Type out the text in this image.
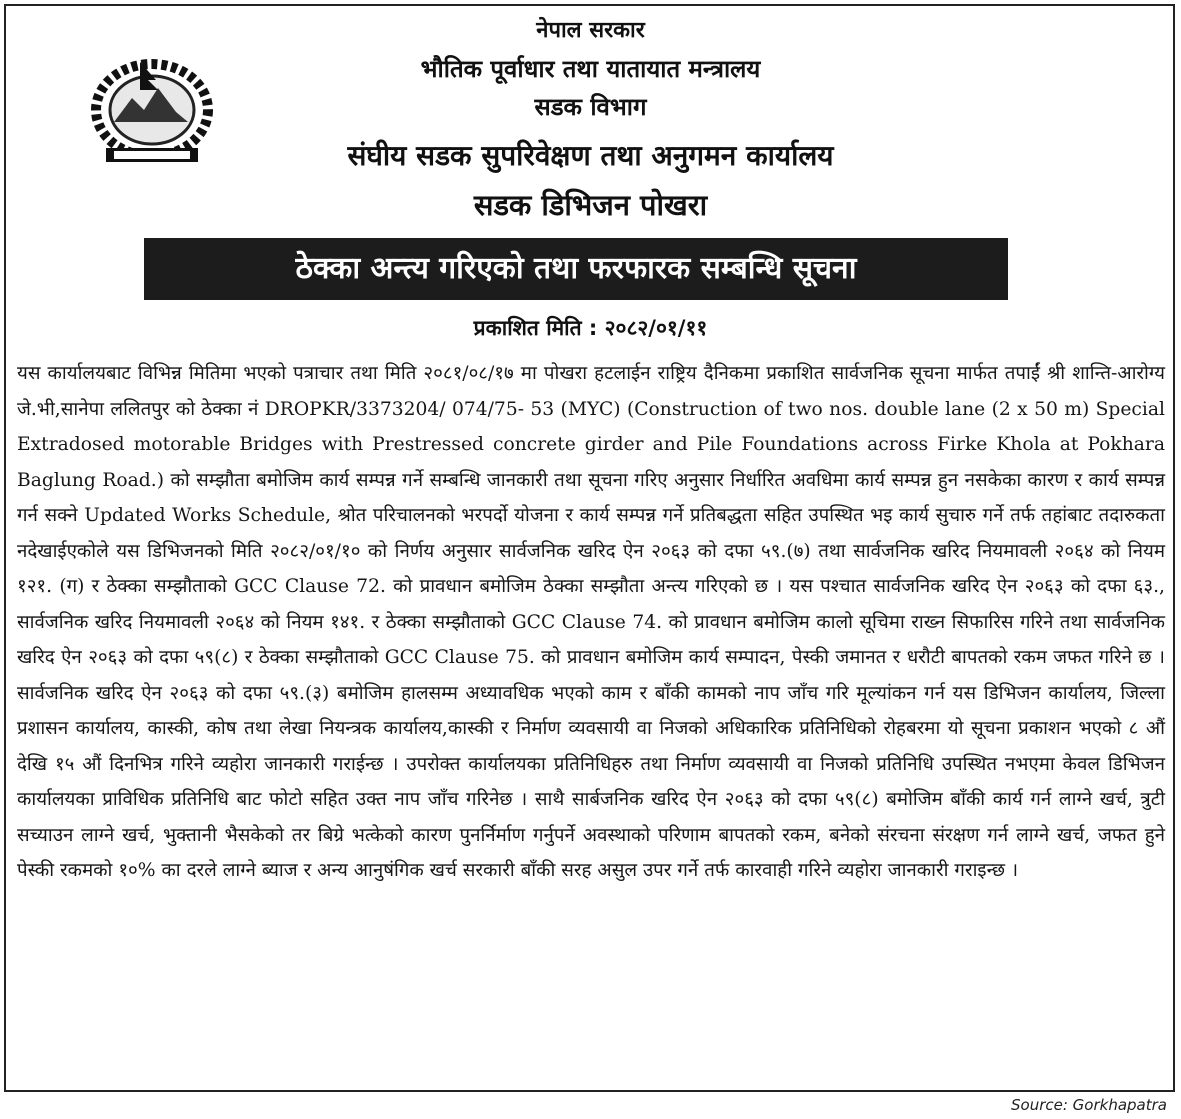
नेपाल सरकार
भौतिक पूर्वाधार तथा यातायात मन्त्रालय
सडक विभाग
संघीय सडक सुपरिवेक्षण तथा अनुगमन कार्यालय
सडक डिभिजन पोखरा
ठेक्का अन्त्य गरिएको तथा फरफारक सम्बन्धि सूचना
प्रकाशित मिति : २०८२/०१/११

यस कार्यालयबाट विभिन्न मितिमा भएको पत्राचार तथा मिति २०८१/०८/१७ मा पोखरा हटलाईन राष्ट्रिय दैनिकमा प्रकाशित सार्वजनिक सूचना मार्फत तपाईं श्री शान्ति-आरोग्य जे.भी,सानेपा ललितपुर को ठेक्का नं DROPKR/3373204/ 074/75- 53 (MYC) (Construction of two nos. double lane (2 x 50 m) Special Extradosed motorable Bridges with Prestressed concrete girder and Pile Foundations across Firke Khola at Pokhara Baglung Road.) को सम्झौता बमोजिम कार्य सम्पन्न गर्ने सम्बन्धि जानकारी तथा सूचना गरिए अनुसार निर्धारित अवधिमा कार्य सम्पन्न हुन नसकेका कारण र कार्य सम्पन्न गर्न सक्ने Updated Works Schedule, श्रोत परिचालनको भरपर्दो योजना र कार्य सम्पन्न गर्ने प्रतिबद्धता सहित उपस्थित भइ कार्य सुचारु गर्ने तर्फ तहांबाट तदारुकता नदेखाईएकोले यस डिभिजनको मिति २०८२/०१/१० को निर्णय अनुसार सार्वजनिक खरिद ऐन २०६३ को दफा ५९.(७) तथा सार्वजनिक खरिद नियमावली २०६४ को नियम १२१. (ग) र ठेक्का सम्झौताको GCC Clause 72. को प्रावधान बमोजिम ठेक्का सम्झौता अन्त्य गरिएको छ । यस पश्चात सार्वजनिक खरिद ऐन २०६३ को दफा ६३., सार्वजनिक खरिद नियमावली २०६४ को नियम १४१. र ठेक्का सम्झौताको GCC Clause 74. को प्रावधान बमोजिम कालो सूचिमा राख्न सिफारिस गरिने तथा सार्वजनिक खरिद ऐन २०६३ को दफा ५९(८) र ठेक्का सम्झौताको GCC Clause 75. को प्रावधान बमोजिम कार्य सम्पादन, पेस्की जमानत र धरौटी बापतको रकम जफत गरिने छ । सार्वजनिक खरिद ऐन २०६३ को दफा ५९.(३) बमोजिम हालसम्म अध्यावधिक भएको काम र बाँकी कामको नाप जाँच गरि मूल्यांकन गर्न यस डिभिजन कार्यालय, जिल्ला प्रशासन कार्यालय, कास्की, कोष तथा लेखा नियन्त्रक कार्यालय,कास्की र निर्माण व्यवसायी वा निजको अधिकारिक प्रतिनिधिको रोहबरमा यो सूचना प्रकाशन भएको ८ औं देखि १५ औं दिनभित्र गरिने व्यहोरा जानकारी गराईन्छ । उपरोक्त कार्यालयका प्रतिनिधिहरु तथा निर्माण व्यवसायी वा निजको प्रतिनिधि उपस्थित नभएमा केवल डिभिजन कार्यालयका प्राविधिक प्रतिनिधि बाट फोटो सहित उक्त नाप जाँच गरिनेछ । साथै सार्बजनिक खरिद ऐन २०६३ को दफा ५९(८) बमोजिम बाँकी कार्य गर्न लाग्ने खर्च, त्रुटी सच्याउन लाग्ने खर्च, भुक्तानी भैसकेको तर बिग्रे भत्केको कारण पुनर्निर्माण गर्नुपर्ने अवस्थाको परिणाम बापतको रकम, बनेको संरचना संरक्षण गर्न लाग्ने खर्च, जफत हुने पेस्की रकमको १०% का दरले लाग्ने ब्याज र अन्य आनुषंगिक खर्च सरकारी बाँकी सरह असुल उपर गर्ने तर्फ कारवाही गरिने व्यहोरा जानकारी गराइन्छ ।

Source: Gorkhapatra
